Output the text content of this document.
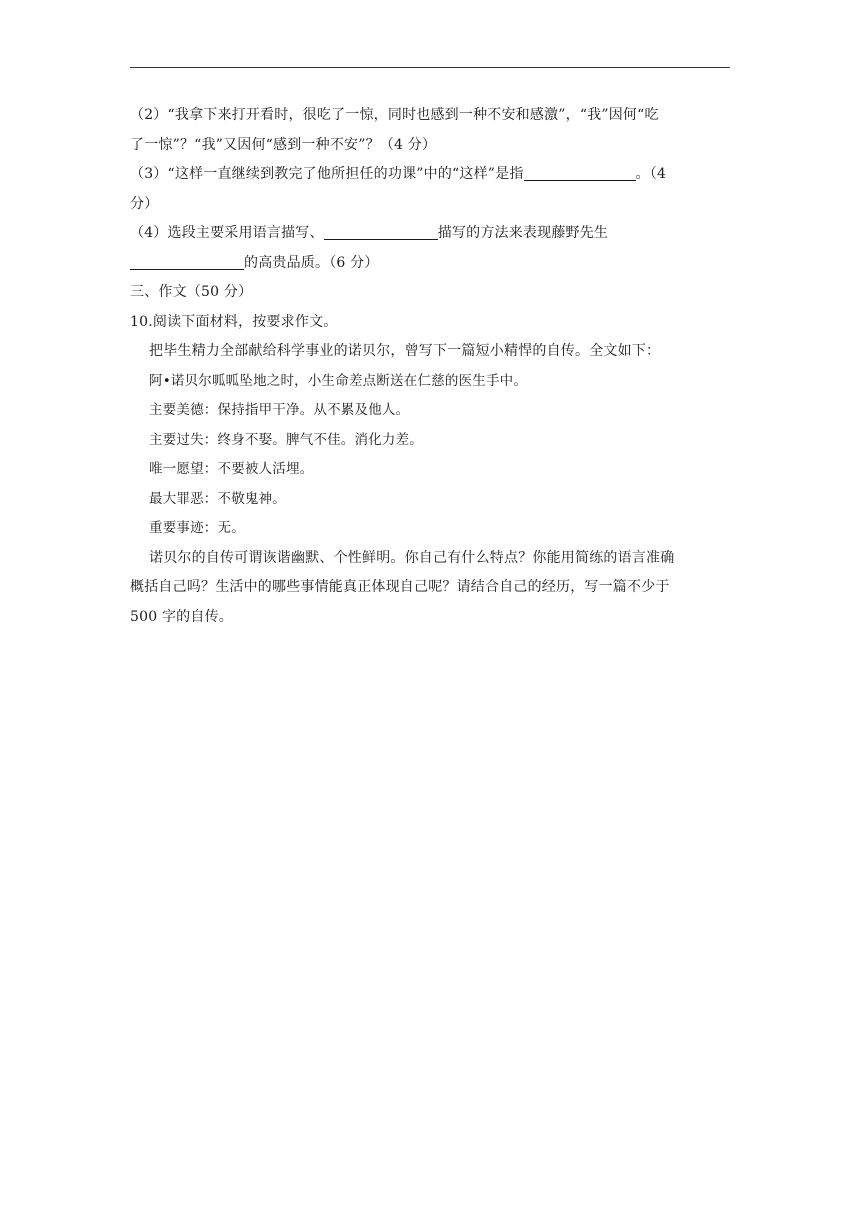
（2）“我拿下来打开看时，很吃了一惊，同时也感到一种不安和感激”，“我”因何“吃
了一惊”？“我”又因何“感到一种不安”？（4 分）
（3）“这样一直继续到教完了他所担任的功课”中的“这样”是指	。（4
分）
（4）选段主要采用语言描写、	描写的方法来表现藤野先生
的高贵品质。（6 分）
三、作文（50 分）
10.阅读下面材料，按要求作文。
把毕生精力全部献给科学事业的诺贝尔，曾写下一篇短小精悍的自传。全文如下：
阿•诺贝尔呱呱坠地之时，小生命差点断送在仁慈的医生手中。
主要美德：保持指甲干净。从不累及他人。
主要过失：终身不娶。脾气不佳。消化力差。
唯一愿望：不要被人活埋。
最大罪恶：不敬鬼神。
重要事迹：无。
诺贝尔的自传可谓诙谐幽默、个性鲜明。你自己有什么特点？你能用简练的语言准确
概括自己吗？生活中的哪些事情能真正体现自己呢？请结合自己的经历，写一篇不少于
500 字的自传。
